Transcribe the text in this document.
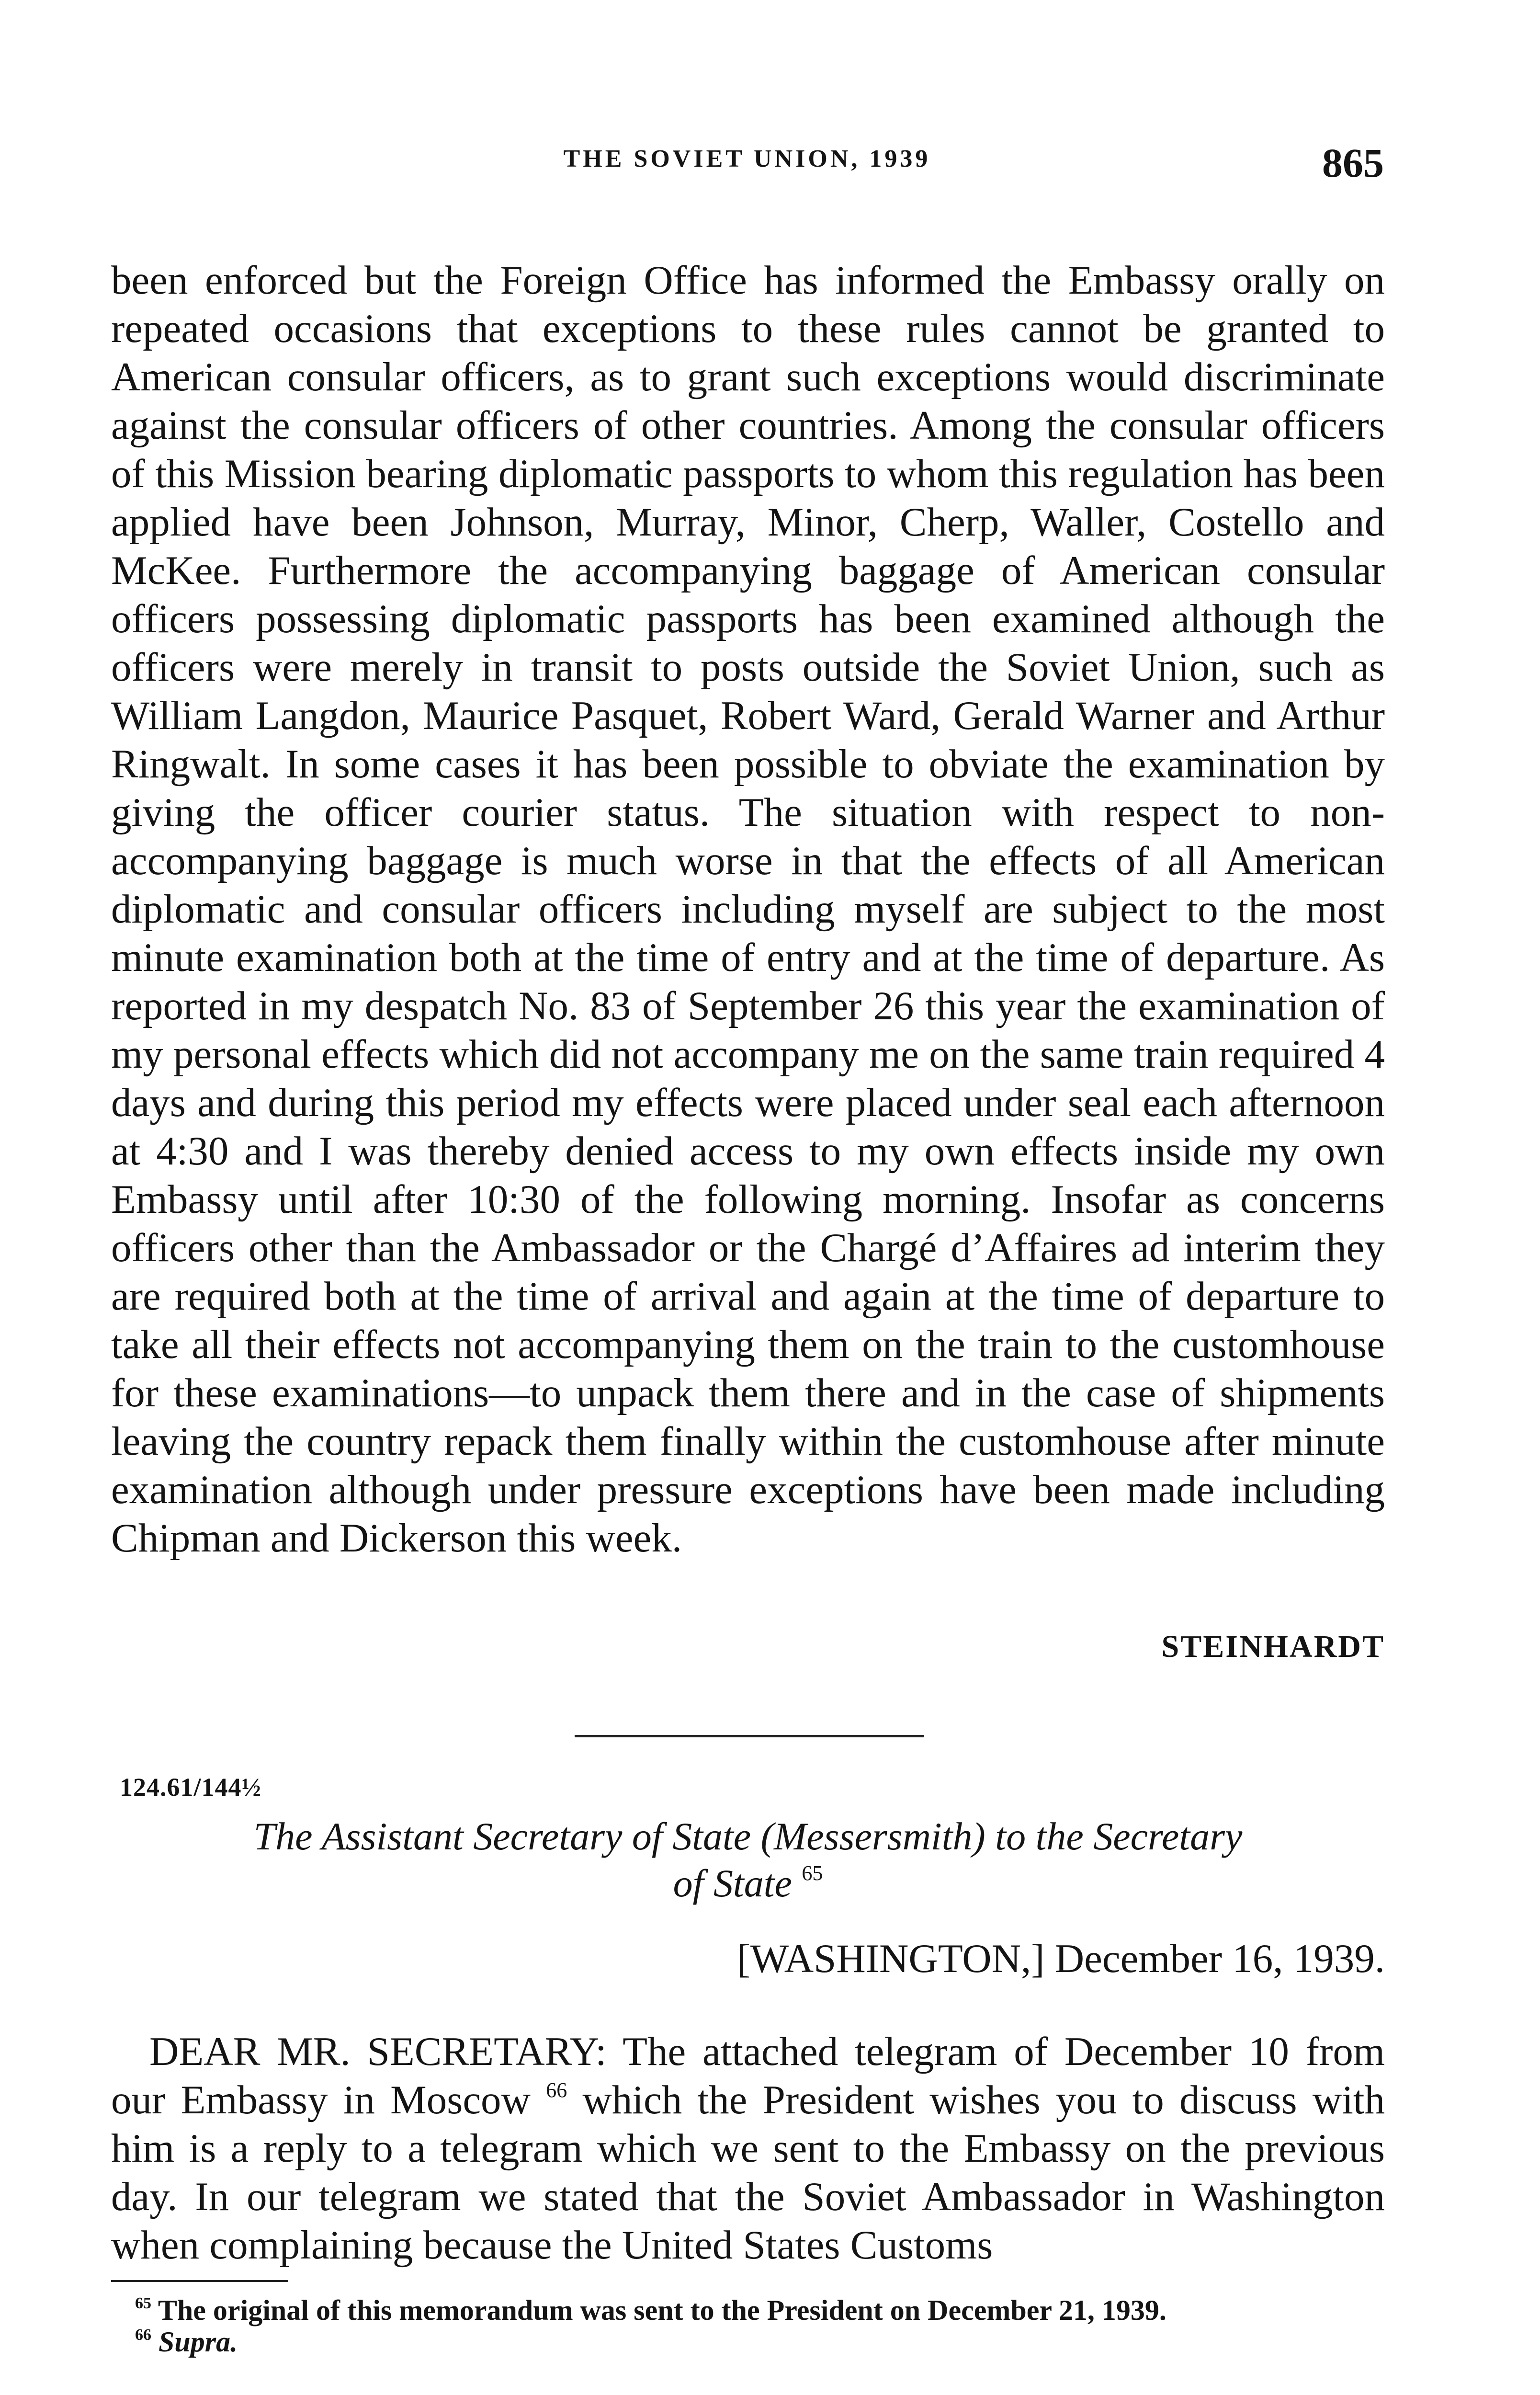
THE SOVIET UNION, 1939	865

been enforced but the Foreign Office has informed the Embassy orally on repeated occasions that exceptions to these rules cannot be granted to American consular officers, as to grant such exceptions would discriminate against the consular officers of other countries. Among the consular officers of this Mission bearing diplomatic passports to whom this regulation has been applied have been Johnson, Murray, Minor, Cherp, Waller, Costello and McKee. Furthermore the accompanying baggage of American consular officers possessing diplomatic passports has been examined although the officers were merely in transit to posts outside the Soviet Union, such as William Langdon, Maurice Pasquet, Robert Ward, Gerald Warner and Arthur Ringwalt. In some cases it has been possible to obviate the examination by giving the officer courier status. The situation with respect to non-accompanying baggage is much worse in that the effects of all American diplomatic and consular officers including myself are subject to the most minute examination both at the time of entry and at the time of departure. As reported in my despatch No. 83 of September 26 this year the examination of my personal effects which did not accompany me on the same train required 4 days and during this period my effects were placed under seal each afternoon at 4:30 and I was thereby denied access to my own effects inside my own Embassy until after 10:30 of the following morning. Insofar as concerns officers other than the Ambassador or the Chargé d’Affaires ad interim they are required both at the time of arrival and again at the time of departure to take all their effects not accompanying them on the train to the customhouse for these examinations—to unpack them there and in the case of shipments leaving the country repack them finally within the customhouse after minute examination although under pressure exceptions have been made including Chipman and Dickerson this week.

STEINHARDT
124.61/144½
The Assistant Secretary of State (Messersmith) to the Secretary
of State $^{65}$
[WASHINGTON,] December 16, 1939.

DEAR MR. SECRETARY: The attached telegram of December 10 from our Embassy in Moscow $^{66}$ which the President wishes you to discuss with him is a reply to a telegram which we sent to the Embassy on the previous day. In our telegram we stated that the Soviet Ambassador in Washington when complaining because the United States Customs

$^{65}$ The original of this memorandum was sent to the President on December 21, 1939.

$^{66}$ Supra.
